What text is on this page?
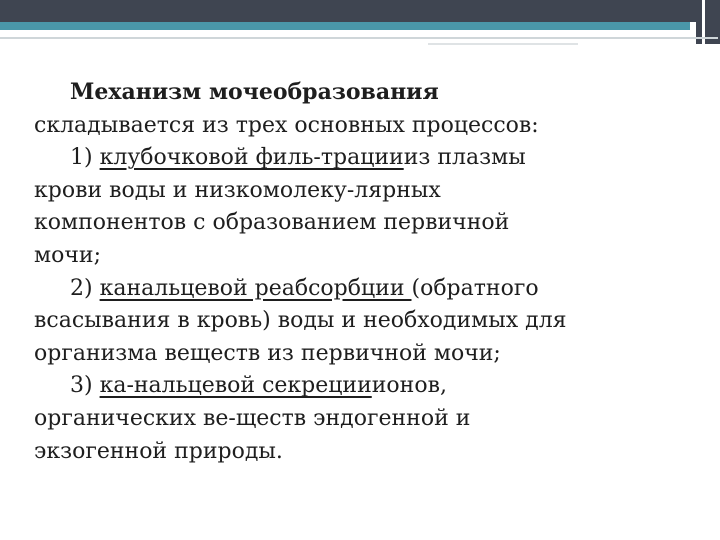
Механизм мочеобразования
складывается из трех основных процессов:
1) клубочковой филь-трациииз плазмы
крови воды и низкомолеку-лярных
компонентов с образованием первичной
мочи;
2) канальцевой реабсорбции (обратного
всасывания в кровь) воды и необходимых для
организма веществ из первичной мочи;
3) ка-нальцевой секрецииионов,
органических ве-ществ эндогенной и
экзогенной природы.
